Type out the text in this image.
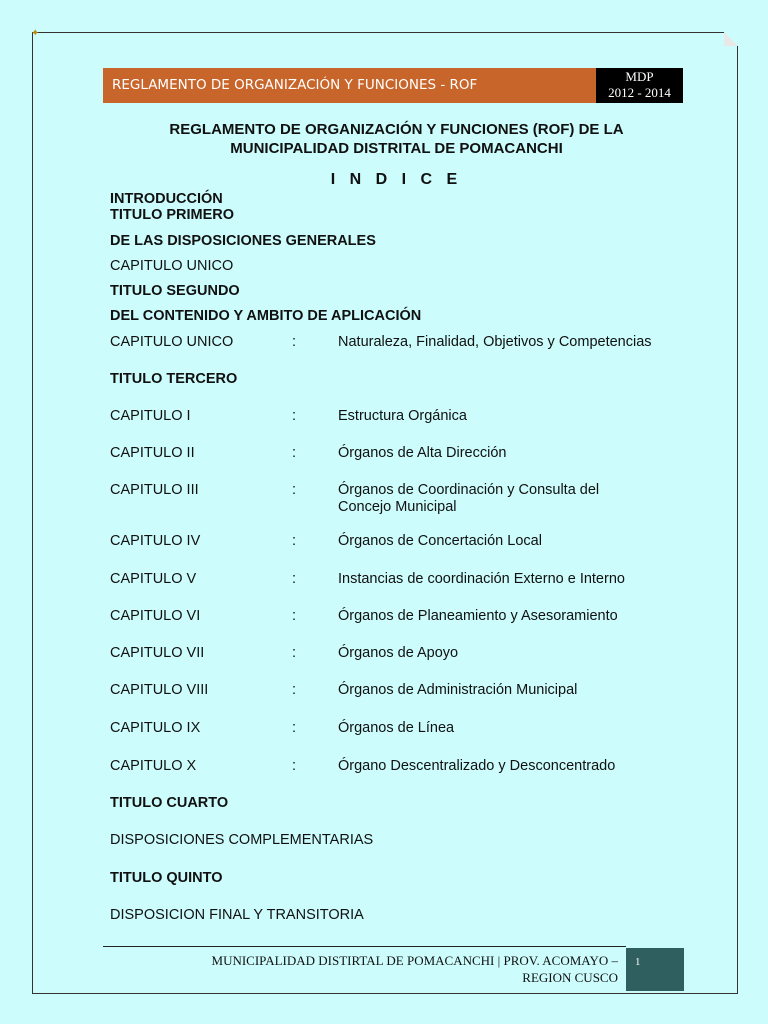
✦
REGLAMENTO DE ORGANIZACIÓN Y FUNCIONES - ROF
MDP
2012 - 2014
REGLAMENTO DE ORGANIZACIÓN Y FUNCIONES (ROF) DE LA
MUNICIPALIDAD DISTRITAL DE POMACANCHI
I N D I C E
INTRODUCCIÓN
TITULO PRIMERO
DE LAS DISPOSICIONES GENERALES
CAPITULO UNICO
TITULO SEGUNDO
DEL CONTENIDO Y AMBITO DE APLICACIÓN
CAPITULO UNICO	:	Naturaleza, Finalidad, Objetivos y Competencias
TITULO TERCERO
CAPITULO I	:	Estructura Orgánica
CAPITULO II	:	Órganos de Alta Dirección
CAPITULO III	:	Órganos de Coordinación y Consulta del
Concejo Municipal
CAPITULO IV	:	Órganos de Concertación Local
CAPITULO V	:	Instancias de coordinación Externo e Interno
CAPITULO VI	:	Órganos de Planeamiento y Asesoramiento
CAPITULO VII	:	Órganos de Apoyo
CAPITULO VIII	:	Órganos de Administración Municipal
CAPITULO IX	:	Órganos de Línea
CAPITULO X	:	Órgano Descentralizado y Desconcentrado
TITULO CUARTO
DISPOSICIONES COMPLEMENTARIAS
TITULO QUINTO
DISPOSICION FINAL Y TRANSITORIA
MUNICIPALIDAD DISTIRTAL DE POMACANCHI | PROV. ACOMAYO –
REGION CUSCO
1
